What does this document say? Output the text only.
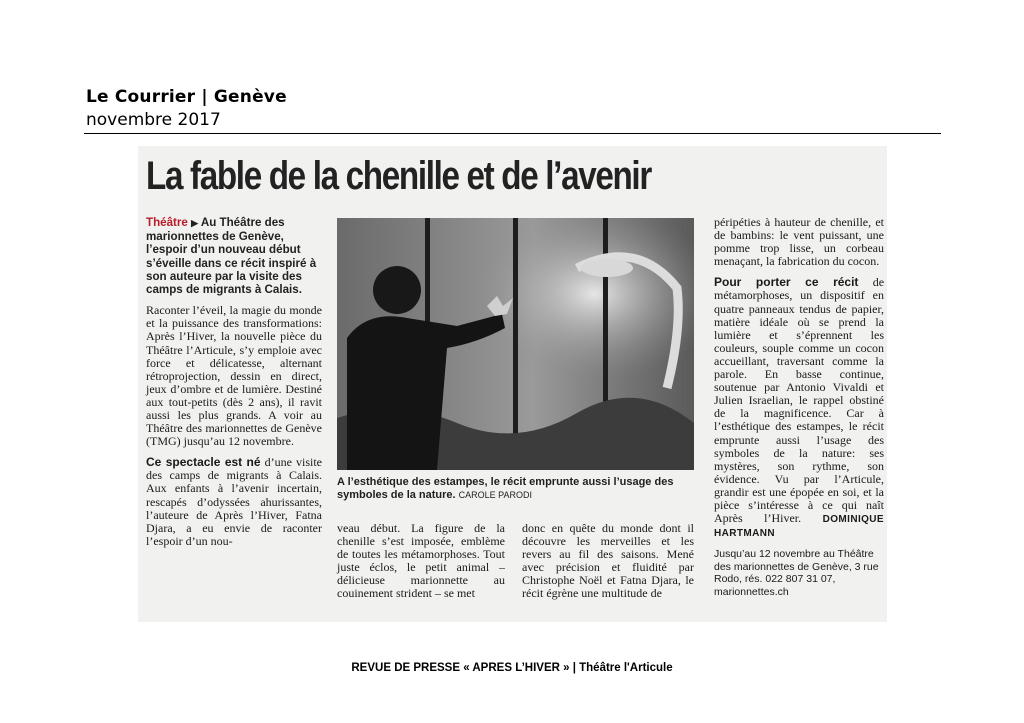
Le Courrier | Genève
novembre 2017
La fable de la chenille et de l’avenir

Théâtre ▶ Au Théâtre des marionnettes de Genève, l’espoir d’un nouveau début s’éveille dans ce récit inspiré à son auteure par la visite des camps de migrants à Calais.

Raconter l’éveil, la magie du monde et la puissance des transformations: Après l’Hiver, la nouvelle pièce du Théâtre l’Articule, s’y emploie avec force et délicatesse, alternant rétroprojection, dessin en direct, jeux d’ombre et de lumière. Destiné aux tout-petits (dès 2 ans), il ravit aussi les plus grands. A voir au Théâtre des marionnettes de Genève (TMG) jusqu’au 12 novembre.

Ce spectacle est né d’une visite des camps de migrants à Calais. Aux enfants à l’avenir incertain, rescapés d’odyssées ahurissantes, l’auteure de Après l’Hiver, Fatna Djara, a eu envie de raconter l’espoir d’un nou-

A l’esthétique des estampes, le récit emprunte aussi l’usage des symboles de la nature. CAROLE PARODI

veau début. La figure de la chenille s’est imposée, emblème de toutes les métamorphoses. Tout juste éclos, le petit animal – délicieuse marionnette au couinement strident – se met

donc en quête du monde dont il découvre les merveilles et les revers au fil des saisons. Mené avec précision et fluidité par Christophe Noël et Fatna Djara, le récit égrène une multitude de

péripéties à hauteur de chenille, et de bambins: le vent puissant, une pomme trop lisse, un corbeau menaçant, la fabrication du cocon.

Pour porter ce récit de métamorphoses, un dispositif en quatre panneaux tendus de papier, matière idéale où se prend la lumière et s’éprennent les couleurs, souple comme un cocon accueillant, traversant comme la parole. En basse continue, soutenue par Antonio Vivaldi et Julien Israelian, le rappel obstiné de la magnificence. Car à l’esthétique des estampes, le récit emprunte aussi l’usage des symboles de la nature: ses mystères, son rythme, son évidence. Vu par l’Articule, grandir est une épopée en soi, et la pièce s’intéresse à ce qui naît Après l’Hiver. DOMINIQUE HARTMANN

Jusqu’au 12 novembre au Théâtre des marionnettes de Genève, 3 rue Rodo, rés. 022 807 31 07, marionnettes.ch
REVUE DE PRESSE « APRES L’HIVER » | Théâtre l'Articule
